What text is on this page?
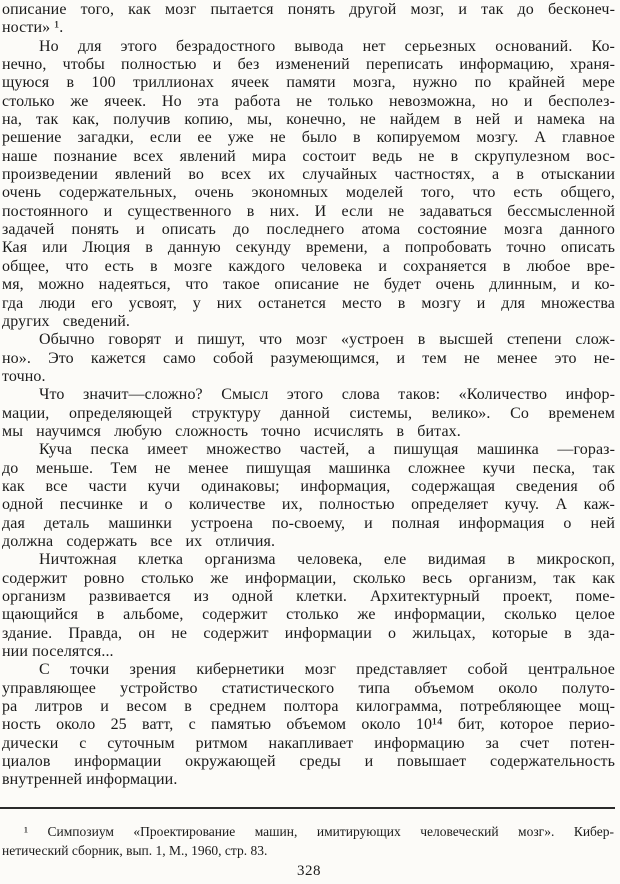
описание того, как мозг пытается понять другой мозг, и так до бесконеч-
ности» ¹.
Но для этого безрадостного вывода нет серьезных оснований. Ко-
нечно, чтобы полностью и без изменений переписать информацию, храня-
щуюся в 100 триллионах ячеек памяти мозга, нужно по крайней мере
столько же ячеек. Но эта работа не только невозможна, но и бесполез-
на, так как, получив копию, мы, конечно, не найдем в ней и намека на
решение загадки, если ее уже не было в копируемом мозгу. А главное
наше познание всех явлений мира состоит ведь не в скрупулезном вос-
произведении явлений во всех их случайных частностях, а в отыскании
очень содержательных, очень экономных моделей того, что есть общего,
постоянного и существенного в них. И если не задаваться бессмысленной
задачей понять и описать до последнего атома состояние мозга данного
Кая или Люция в данную секунду времени, а попробовать точно описать
общее, что есть в мозге каждого человека и сохраняется в любое вре-
мя, можно надеяться, что такое описание не будет очень длинным, и ко-
гда люди его усвоят, у них останется место в мозгу и для множества
других сведений.
Обычно говорят и пишут, что мозг «устроен в высшей степени слож-
но». Это кажется само собой разумеющимся, и тем не менее это не-
точно.
Что значит—сложно? Смысл этого слова таков: «Количество инфор-
мации, определяющей структуру данной системы, велико». Со временем
мы научимся любую сложность точно исчислять в битах.
Куча песка имеет множество частей, а пишущая машинка —гораз-
до меньше. Тем не менее пишущая машинка сложнее кучи песка, так
как все части кучи одинаковы; информация, содержащая сведения об
одной песчинке и о количестве их, полностью определяет кучу. А каж-
дая деталь машинки устроена по-своему, и полная информация о ней
должна содержать все их отличия.
Ничтожная клетка организма человека, еле видимая в микроскоп,
содержит ровно столько же информации, сколько весь организм, так как
организм развивается из одной клетки. Архитектурный проект, поме-
щающийся в альбоме, содержит столько же информации, сколько целое
здание. Правда, он не содержит информации о жильцах, которые в зда-
нии поселятся...
С точки зрения кибернетики мозг представляет собой центральное
управляющее устройство статистического типа объемом около полуто-
ра литров и весом в среднем полтора килограмма, потребляющее мощ-
ность около 25 ватт, с памятью объемом около 10¹⁴ бит, которое перио-
дически с суточным ритмом накапливает информацию за счет потен-
циалов информации окружающей среды и повышает содержательность
внутренней информации.
¹ Симпозиум «Проектирование машин, имитирующих человеческий мозг». Кибер-
нетический сборник, вып. 1, М., 1960, стр. 83.
328
